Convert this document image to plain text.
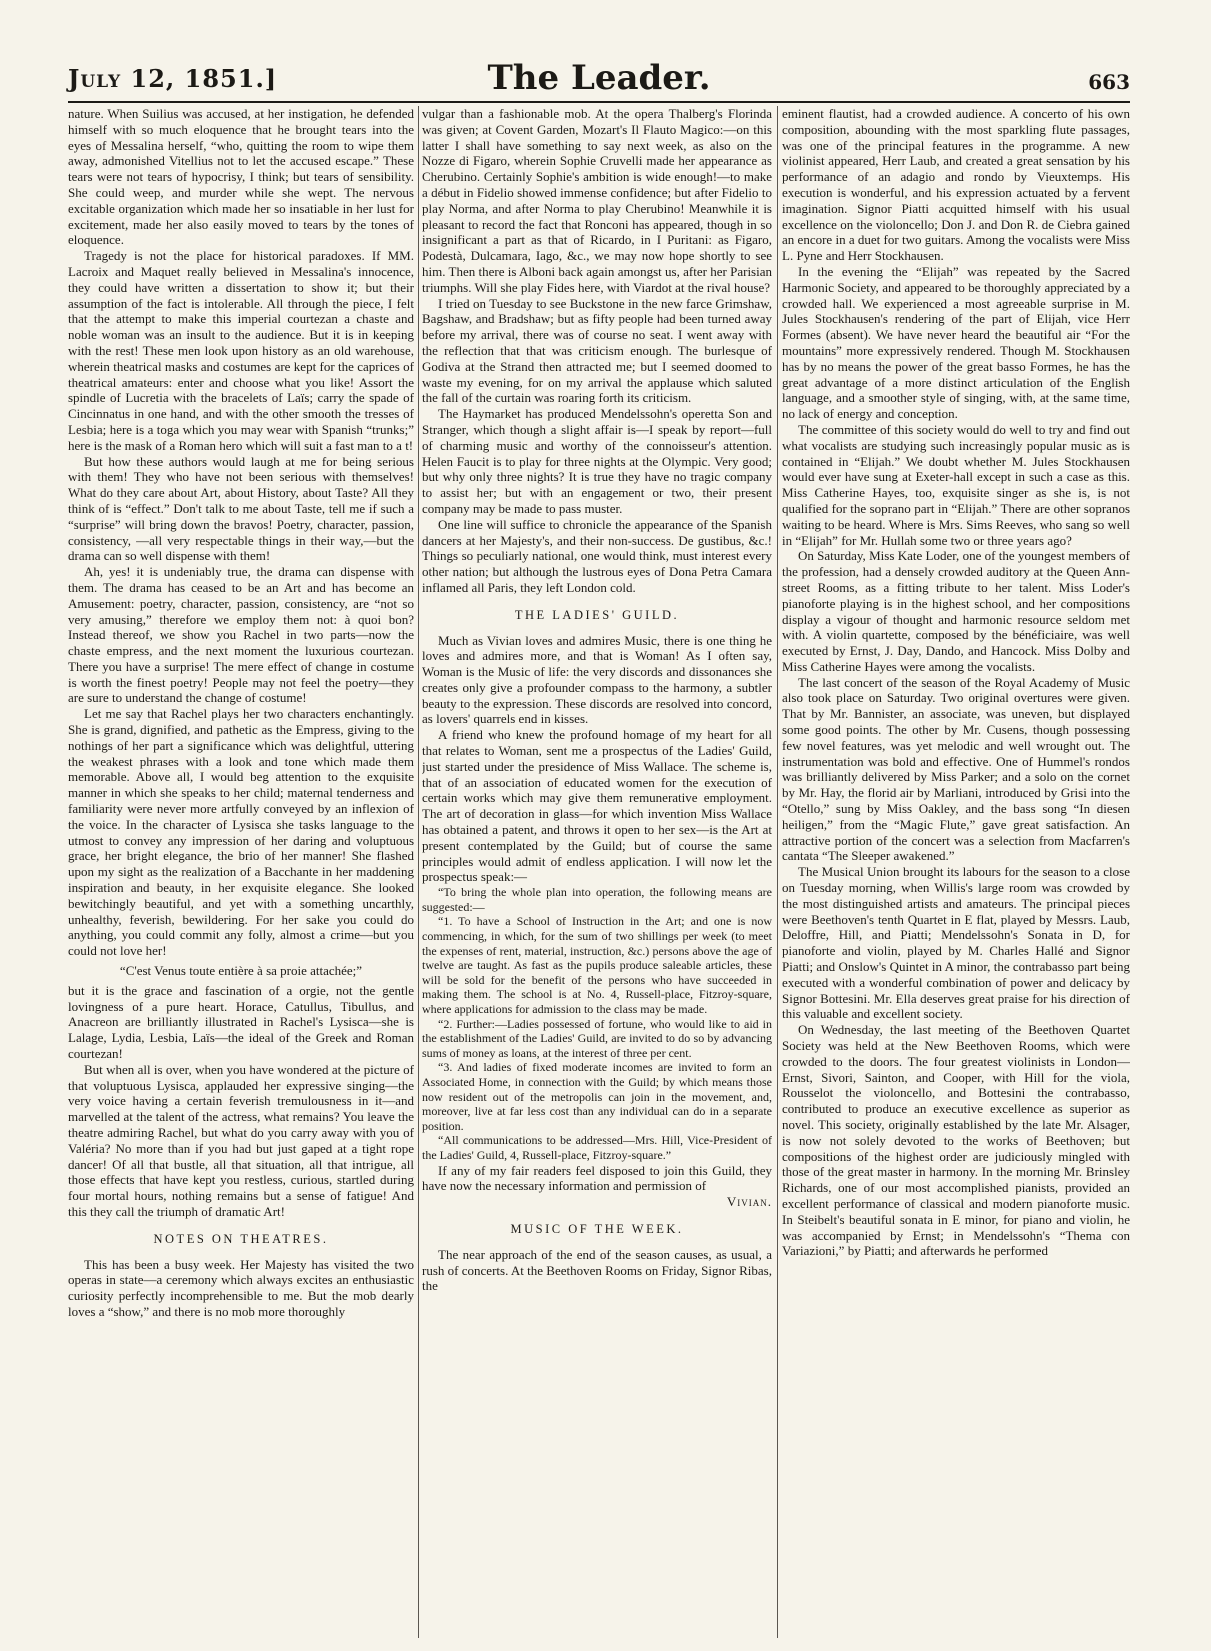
July 12, 1851.]	The Leader.	663

nature. When Suilius was accused, at her instigation, he defended himself with so much eloquence that he brought tears into the eyes of Messalina herself, “who, quitting the room to wipe them away, admonished Vitellius not to let the accused escape.” These tears were not tears of hypocrisy, I think; but tears of sensibility. She could weep, and murder while she wept. The nervous excitable organization which made her so insatiable in her lust for excitement, made her also easily moved to tears by the tones of eloquence.

Tragedy is not the place for historical paradoxes. If MM. Lacroix and Maquet really believed in Messalina's innocence, they could have written a dissertation to show it; but their assumption of the fact is intolerable. All through the piece, I felt that the attempt to make this imperial courtezan a chaste and noble woman was an insult to the audience. But it is in keeping with the rest! These men look upon history as an old warehouse, wherein theatrical masks and costumes are kept for the caprices of theatrical amateurs: enter and choose what you like! Assort the spindle of Lucretia with the bracelets of Laïs; carry the spade of Cincinnatus in one hand, and with the other smooth the tresses of Lesbia; here is a toga which you may wear with Spanish “trunks;” here is the mask of a Roman hero which will suit a fast man to a t!

But how these authors would laugh at me for being serious with them! They who have not been serious with themselves! What do they care about Art, about History, about Taste? All they think of is “effect.” Don't talk to me about Taste, tell me if such a “surprise” will bring down the bravos! Poetry, character, passion, consistency, —all very respectable things in their way,—but the drama can so well dispense with them!

Ah, yes! it is undeniably true, the drama can dispense with them. The drama has ceased to be an Art and has become an Amusement: poetry, character, passion, consistency, are “not so very amusing,” therefore we employ them not: à quoi bon? Instead thereof, we show you Rachel in two parts—now the chaste empress, and the next moment the luxurious courtezan. There you have a surprise! The mere effect of change in costume is worth the finest poetry! People may not feel the poetry—they are sure to understand the change of costume!

Let me say that Rachel plays her two characters enchantingly. She is grand, dignified, and pathetic as the Empress, giving to the nothings of her part a significance which was delightful, uttering the weakest phrases with a look and tone which made them memorable. Above all, I would beg attention to the exquisite manner in which she speaks to her child; maternal tenderness and familiarity were never more artfully conveyed by an inflexion of the voice. In the character of Lysisca she tasks language to the utmost to convey any impression of her daring and voluptuous grace, her bright elegance, the brio of her manner! She flashed upon my sight as the realization of a Bacchante in her maddening inspiration and beauty, in her exquisite elegance. She looked bewitchingly beautiful, and yet with a something uncarthly, unhealthy, feverish, bewildering. For her sake you could do anything, you could commit any folly, almost a crime—but you could not love her!

“C'est Venus toute entière à sa proie attachée;”

but it is the grace and fascination of a orgie, not the gentle lovingness of a pure heart. Horace, Catullus, Tibullus, and Anacreon are brilliantly illustrated in Rachel's Lysisca—she is Lalage, Lydia, Lesbia, Laïs—the ideal of the Greek and Roman courtezan!

But when all is over, when you have wondered at the picture of that voluptuous Lysisca, applauded her expressive singing—the very voice having a certain feverish tremulousness in it—and marvelled at the talent of the actress, what remains? You leave the theatre admiring Rachel, but what do you carry away with you of Valéria? No more than if you had but just gaped at a tight rope dancer! Of all that bustle, all that situation, all that intrigue, all those effects that have kept you restless, curious, startled during four mortal hours, nothing remains but a sense of fatigue! And this they call the triumph of dramatic Art!

NOTES ON THEATRES.

This has been a busy week. Her Majesty has visited the two operas in state—a ceremony which always excites an enthusiastic curiosity perfectly incomprehensible to me. But the mob dearly loves a “show,” and there is no mob more thoroughly

vulgar than a fashionable mob. At the opera Thalberg's Florinda was given; at Covent Garden, Mozart's Il Flauto Magico:—on this latter I shall have something to say next week, as also on the Nozze di Figaro, wherein Sophie Cruvelli made her appearance as Cherubino. Certainly Sophie's ambition is wide enough!—to make a début in Fidelio showed immense confidence; but after Fidelio to play Norma, and after Norma to play Cherubino! Meanwhile it is pleasant to record the fact that Ronconi has appeared, though in so insignificant a part as that of Ricardo, in I Puritani: as Figaro, Podestà, Dulcamara, Iago, &c., we may now hope shortly to see him. Then there is Alboni back again amongst us, after her Parisian triumphs. Will she play Fides here, with Viardot at the rival house?

I tried on Tuesday to see Buckstone in the new farce Grimshaw, Bagshaw, and Bradshaw; but as fifty people had been turned away before my arrival, there was of course no seat. I went away with the reflection that that was criticism enough. The burlesque of Godiva at the Strand then attracted me; but I seemed doomed to waste my evening, for on my arrival the applause which saluted the fall of the curtain was roaring forth its criticism.

The Haymarket has produced Mendelssohn's operetta Son and Stranger, which though a slight affair is—I speak by report—full of charming music and worthy of the connoisseur's attention. Helen Faucit is to play for three nights at the Olympic. Very good; but why only three nights? It is true they have no tragic company to assist her; but with an engagement or two, their present company may be made to pass muster.

One line will suffice to chronicle the appearance of the Spanish dancers at her Majesty's, and their non-success. De gustibus, &c.! Things so peculiarly national, one would think, must interest every other nation; but although the lustrous eyes of Dona Petra Camara inflamed all Paris, they left London cold.

THE LADIES' GUILD.

Much as Vivian loves and admires Music, there is one thing he loves and admires more, and that is Woman! As I often say, Woman is the Music of life: the very discords and dissonances she creates only give a profounder compass to the harmony, a subtler beauty to the expression. These discords are resolved into concord, as lovers' quarrels end in kisses.

A friend who knew the profound homage of my heart for all that relates to Woman, sent me a prospectus of the Ladies' Guild, just started under the presidence of Miss Wallace. The scheme is, that of an association of educated women for the execution of certain works which may give them remunerative employment. The art of decoration in glass—for which invention Miss Wallace has obtained a patent, and throws it open to her sex—is the Art at present contemplated by the Guild; but of course the same principles would admit of endless application. I will now let the prospectus speak:—

“To bring the whole plan into operation, the following means are suggested:—

“1. To have a School of Instruction in the Art; and one is now commencing, in which, for the sum of two shillings per week (to meet the expenses of rent, material, instruction, &c.) persons above the age of twelve are taught. As fast as the pupils produce saleable articles, these will be sold for the benefit of the persons who have succeeded in making them. The school is at No. 4, Russell-place, Fitzroy-square, where applications for admission to the class may be made.

“2. Further:—Ladies possessed of fortune, who would like to aid in the establishment of the Ladies' Guild, are invited to do so by advancing sums of money as loans, at the interest of three per cent.

“3. And ladies of fixed moderate incomes are invited to form an Associated Home, in connection with the Guild; by which means those now resident out of the metropolis can join in the movement, and, moreover, live at far less cost than any individual can do in a separate position.

“All communications to be addressed—Mrs. Hill, Vice-President of the Ladies' Guild, 4, Russell-place, Fitzroy-square.”

If any of my fair readers feel disposed to join this Guild, they have now the necessary information and permission of

Vivian.

MUSIC OF THE WEEK.

The near approach of the end of the season causes, as usual, a rush of concerts. At the Beethoven Rooms on Friday, Signor Ribas, the

eminent flautist, had a crowded audience. A concerto of his own composition, abounding with the most sparkling flute passages, was one of the principal features in the programme. A new violinist appeared, Herr Laub, and created a great sensation by his performance of an adagio and rondo by Vieuxtemps. His execution is wonderful, and his expression actuated by a fervent imagination. Signor Piatti acquitted himself with his usual excellence on the violoncello; Don J. and Don R. de Ciebra gained an encore in a duet for two guitars. Among the vocalists were Miss L. Pyne and Herr Stockhausen.

In the evening the “Elijah” was repeated by the Sacred Harmonic Society, and appeared to be thoroughly appreciated by a crowded hall. We experienced a most agreeable surprise in M. Jules Stockhausen's rendering of the part of Elijah, vice Herr Formes (absent). We have never heard the beautiful air “For the mountains” more expressively rendered. Though M. Stockhausen has by no means the power of the great basso Formes, he has the great advantage of a more distinct articulation of the English language, and a smoother style of singing, with, at the same time, no lack of energy and conception.

The committee of this society would do well to try and find out what vocalists are studying such increasingly popular music as is contained in “Elijah.” We doubt whether M. Jules Stockhausen would ever have sung at Exeter-hall except in such a case as this. Miss Catherine Hayes, too, exquisite singer as she is, is not qualified for the soprano part in “Elijah.” There are other sopranos waiting to be heard. Where is Mrs. Sims Reeves, who sang so well in “Elijah” for Mr. Hullah some two or three years ago?

On Saturday, Miss Kate Loder, one of the youngest members of the profession, had a densely crowded auditory at the Queen Ann-street Rooms, as a fitting tribute to her talent. Miss Loder's pianoforte playing is in the highest school, and her compositions display a vigour of thought and harmonic resource seldom met with. A violin quartette, composed by the bénéficiaire, was well executed by Ernst, J. Day, Dando, and Hancock. Miss Dolby and Miss Catherine Hayes were among the vocalists.

The last concert of the season of the Royal Academy of Music also took place on Saturday. Two original overtures were given. That by Mr. Bannister, an associate, was uneven, but displayed some good points. The other by Mr. Cusens, though possessing few novel features, was yet melodic and well wrought out. The instrumentation was bold and effective. One of Hummel's rondos was brilliantly delivered by Miss Parker; and a solo on the cornet by Mr. Hay, the florid air by Marliani, introduced by Grisi into the “Otello,” sung by Miss Oakley, and the bass song “In diesen heiligen,” from the “Magic Flute,” gave great satisfaction. An attractive portion of the concert was a selection from Macfarren's cantata “The Sleeper awakened.”

The Musical Union brought its labours for the season to a close on Tuesday morning, when Willis's large room was crowded by the most distinguished artists and amateurs. The principal pieces were Beethoven's tenth Quartet in E flat, played by Messrs. Laub, Deloffre, Hill, and Piatti; Mendelssohn's Sonata in D, for pianoforte and violin, played by M. Charles Hallé and Signor Piatti; and Onslow's Quintet in A minor, the contrabasso part being executed with a wonderful combination of power and delicacy by Signor Bottesini. Mr. Ella deserves great praise for his direction of this valuable and excellent society.

On Wednesday, the last meeting of the Beethoven Quartet Society was held at the New Beethoven Rooms, which were crowded to the doors. The four greatest violinists in London—Ernst, Sivori, Sainton, and Cooper, with Hill for the viola, Rousselot the violoncello, and Bottesini the contrabasso, contributed to produce an executive excellence as superior as novel. This society, originally established by the late Mr. Alsager, is now not solely devoted to the works of Beethoven; but compositions of the highest order are judiciously mingled with those of the great master in harmony. In the morning Mr. Brinsley Richards, one of our most accomplished pianists, provided an excellent performance of classical and modern pianoforte music. In Steibelt's beautiful sonata in E minor, for piano and violin, he was accompanied by Ernst; in Mendelssohn's “Thema con Variazioni,” by Piatti; and afterwards he performed
